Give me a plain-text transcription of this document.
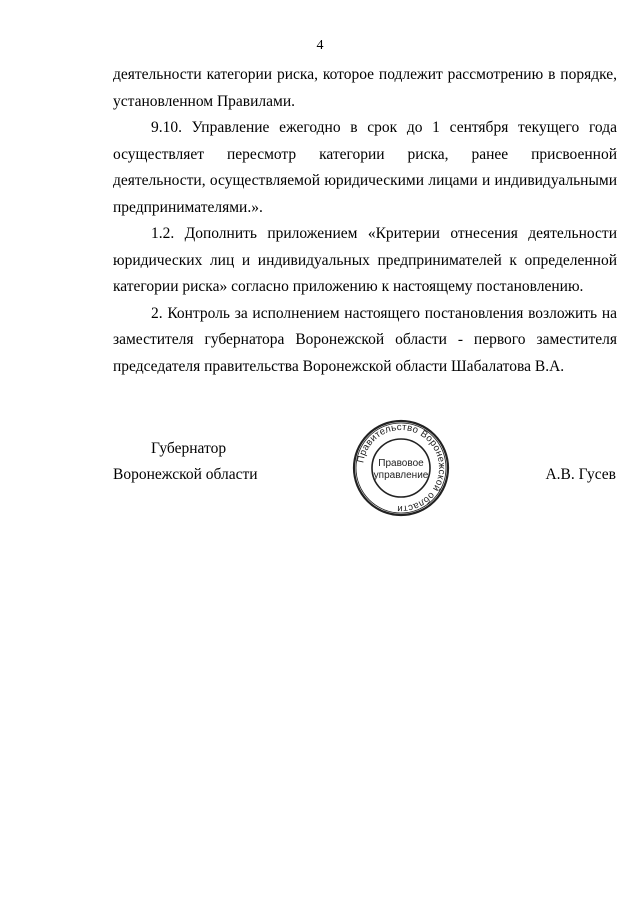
4

деятельности категории риска, которое подлежит рассмотрению в порядке, установленном Правилами.

9.10. Управление ежегодно в срок до 1 сентября текущего года осуществляет пересмотр категории риска, ранее присвоенной деятельности, осуществляемой юридическими лицами и индивидуальными предпринимателями.».

1.2. Дополнить приложением «Критерии отнесения деятельности юридических лиц и индивидуальных предпринимателей к определенной категории риска» согласно приложению к настоящему постановлению.

2. Контроль за исполнением настоящего постановления возложить на заместителя губернатора Воронежской области - первого заместителя председателя правительства Воронежской области Шабалатова В.А.

Губернатор
Воронежской области
Правительство Воронежской области
Правовое
управление	А.В. Гусев
